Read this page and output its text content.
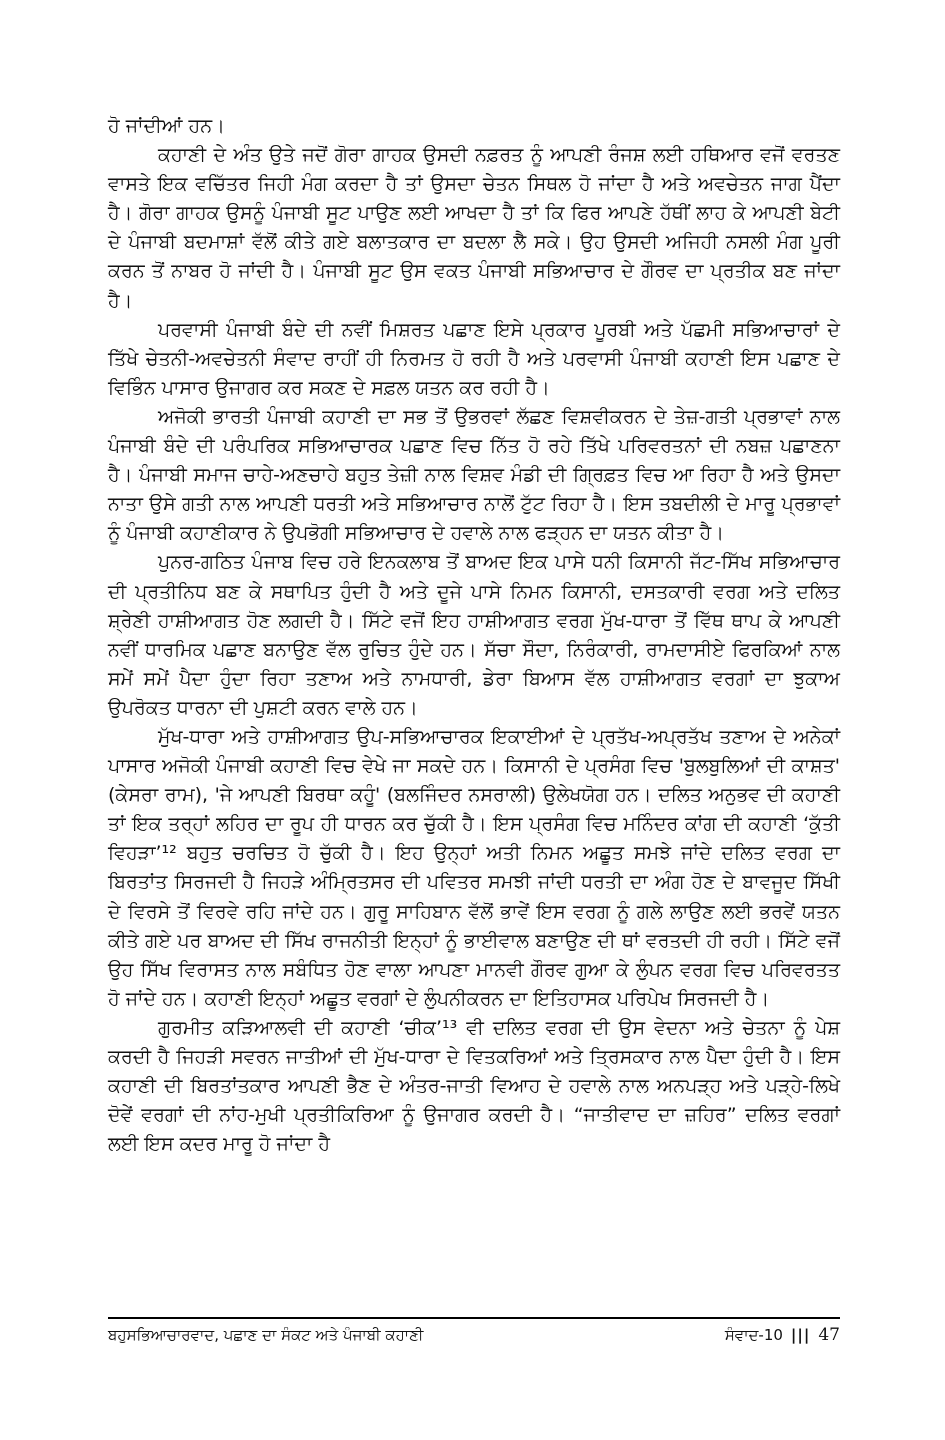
ਹੋ ਜਾਂਦੀਆਂ ਹਨ।

ਕਹਾਣੀ ਦੇ ਅੰਤ ਉਤੇ ਜਦੋਂ ਗੋਰਾ ਗਾਹਕ ਉਸਦੀ ਨਫ਼ਰਤ ਨੂੰ ਆਪਣੀ ਰੰਜਸ਼ ਲਈ ਹਥਿਆਰ ਵਜੋਂ ਵਰਤਣ ਵਾਸਤੇ ਇਕ ਵਚਿੱਤਰ ਜਿਹੀ ਮੰਗ ਕਰਦਾ ਹੈ ਤਾਂ ਉਸਦਾ ਚੇਤਨ ਸਿਥਲ ਹੋ ਜਾਂਦਾ ਹੈ ਅਤੇ ਅਵਚੇਤਨ ਜਾਗ ਪੈਂਦਾ ਹੈ। ਗੋਰਾ ਗਾਹਕ ਉਸਨੂੰ ਪੰਜਾਬੀ ਸੂਟ ਪਾਉਣ ਲਈ ਆਖਦਾ ਹੈ ਤਾਂ ਕਿ ਫਿਰ ਆਪਣੇ ਹੱਥੀਂ ਲਾਹ ਕੇ ਆਪਣੀ ਬੇਟੀ ਦੇ ਪੰਜਾਬੀ ਬਦਮਾਸ਼ਾਂ ਵੱਲੋਂ ਕੀਤੇ ਗਏ ਬਲਾਤਕਾਰ ਦਾ ਬਦਲਾ ਲੈ ਸਕੇ। ਉਹ ਉਸਦੀ ਅਜਿਹੀ ਨਸਲੀ ਮੰਗ ਪੂਰੀ ਕਰਨ ਤੋਂ ਨਾਬਰ ਹੋ ਜਾਂਦੀ ਹੈ। ਪੰਜਾਬੀ ਸੂਟ ਉਸ ਵਕਤ ਪੰਜਾਬੀ ਸਭਿਆਚਾਰ ਦੇ ਗੌਰਵ ਦਾ ਪ੍ਰਤੀਕ ਬਣ ਜਾਂਦਾ ਹੈ।

ਪਰਵਾਸੀ ਪੰਜਾਬੀ ਬੰਦੇ ਦੀ ਨਵੀਂ ਮਿਸ਼ਰਤ ਪਛਾਣ ਇਸੇ ਪ੍ਰਕਾਰ ਪੂਰਬੀ ਅਤੇ ਪੱਛਮੀ ਸਭਿਆਚਾਰਾਂ ਦੇ ਤਿੱਖੇ ਚੇਤਨੀ-ਅਵਚੇਤਨੀ ਸੰਵਾਦ ਰਾਹੀਂ ਹੀ ਨਿਰਮਤ ਹੋ ਰਹੀ ਹੈ ਅਤੇ ਪਰਵਾਸੀ ਪੰਜਾਬੀ ਕਹਾਣੀ ਇਸ ਪਛਾਣ ਦੇ ਵਿਭਿੰਨ ਪਾਸਾਰ ਉਜਾਗਰ ਕਰ ਸਕਣ ਦੇ ਸਫ਼ਲ ਯਤਨ ਕਰ ਰਹੀ ਹੈ।

ਅਜੋਕੀ ਭਾਰਤੀ ਪੰਜਾਬੀ ਕਹਾਣੀ ਦਾ ਸਭ ਤੋਂ ਉਭਰਵਾਂ ਲੱਛਣ ਵਿਸ਼ਵੀਕਰਨ ਦੇ ਤੇਜ਼-ਗਤੀ ਪ੍ਰਭਾਵਾਂ ਨਾਲ ਪੰਜਾਬੀ ਬੰਦੇ ਦੀ ਪਰੰਪਰਿਕ ਸਭਿਆਚਾਰਕ ਪਛਾਣ ਵਿਚ ਨਿੱਤ ਹੋ ਰਹੇ ਤਿੱਖੇ ਪਰਿਵਰਤਨਾਂ ਦੀ ਨਬਜ਼ ਪਛਾਣਨਾ ਹੈ। ਪੰਜਾਬੀ ਸਮਾਜ ਚਾਹੇ-ਅਣਚਾਹੇ ਬਹੁਤ ਤੇਜ਼ੀ ਨਾਲ ਵਿਸ਼ਵ ਮੰਡੀ ਦੀ ਗ੍ਰਿਫ਼ਤ ਵਿਚ ਆ ਰਿਹਾ ਹੈ ਅਤੇ ਉਸਦਾ ਨਾਤਾ ਉਸੇ ਗਤੀ ਨਾਲ ਆਪਣੀ ਧਰਤੀ ਅਤੇ ਸਭਿਆਚਾਰ ਨਾਲੋਂ ਟੁੱਟ ਰਿਹਾ ਹੈ। ਇਸ ਤਬਦੀਲੀ ਦੇ ਮਾਰੂ ਪ੍ਰਭਾਵਾਂ ਨੂੰ ਪੰਜਾਬੀ ਕਹਾਣੀਕਾਰ ਨੇ ਉਪਭੋਗੀ ਸਭਿਆਚਾਰ ਦੇ ਹਵਾਲੇ ਨਾਲ ਫੜ੍ਹਨ ਦਾ ਯਤਨ ਕੀਤਾ ਹੈ।

ਪੁਨਰ-ਗਠਿਤ ਪੰਜਾਬ ਵਿਚ ਹਰੇ ਇਨਕਲਾਬ ਤੋਂ ਬਾਅਦ ਇਕ ਪਾਸੇ ਧਨੀ ਕਿਸਾਨੀ ਜੱਟ-ਸਿੱਖ ਸਭਿਆਚਾਰ ਦੀ ਪ੍ਰਤੀਨਿਧ ਬਣ ਕੇ ਸਥਾਪਿਤ ਹੁੰਦੀ ਹੈ ਅਤੇ ਦੂਜੇ ਪਾਸੇ ਨਿਮਨ ਕਿਸਾਨੀ, ਦਸਤਕਾਰੀ ਵਰਗ ਅਤੇ ਦਲਿਤ ਸ਼੍ਰੇਣੀ ਹਾਸ਼ੀਆਗਤ ਹੋਣ ਲਗਦੀ ਹੈ। ਸਿੱਟੇ ਵਜੋਂ ਇਹ ਹਾਸ਼ੀਆਗਤ ਵਰਗ ਮੁੱਖ-ਧਾਰਾ ਤੋਂ ਵਿੱਥ ਥਾਪ ਕੇ ਆਪਣੀ ਨਵੀਂ ਧਾਰਮਿਕ ਪਛਾਣ ਬਨਾਉਣ ਵੱਲ ਰੁਚਿਤ ਹੁੰਦੇ ਹਨ। ਸੱਚਾ ਸੌਦਾ, ਨਿਰੰਕਾਰੀ, ਰਾਮਦਾਸੀਏ ਫਿਰਕਿਆਂ ਨਾਲ ਸਮੇਂ ਸਮੇਂ ਪੈਦਾ ਹੁੰਦਾ ਰਿਹਾ ਤਣਾਅ ਅਤੇ ਨਾਮਧਾਰੀ, ਡੇਰਾ ਬਿਆਸ ਵੱਲ ਹਾਸ਼ੀਆਗਤ ਵਰਗਾਂ ਦਾ ਝੁਕਾਅ ਉਪਰੋਕਤ ਧਾਰਨਾ ਦੀ ਪੁਸ਼ਟੀ ਕਰਨ ਵਾਲੇ ਹਨ।

ਮੁੱਖ-ਧਾਰਾ ਅਤੇ ਹਾਸ਼ੀਆਗਤ ਉਪ-ਸਭਿਆਚਾਰਕ ਇਕਾਈਆਂ ਦੇ ਪ੍ਰਤੱਖ-ਅਪ੍ਰਤੱਖ ਤਣਾਅ ਦੇ ਅਨੇਕਾਂ ਪਾਸਾਰ ਅਜੋਕੀ ਪੰਜਾਬੀ ਕਹਾਣੀ ਵਿਚ ਵੇਖੇ ਜਾ ਸਕਦੇ ਹਨ। ਕਿਸਾਨੀ ਦੇ ਪ੍ਰਸੰਗ ਵਿਚ 'ਬੁਲਬੁਲਿਆਂ ਦੀ ਕਾਸ਼ਤ' (ਕੇਸਰਾ ਰਾਮ), 'ਜੇ ਆਪਣੀ ਬਿਰਥਾ ਕਹੂੰ' (ਬਲਜਿੰਦਰ ਨਸਰਾਲੀ) ਉਲੇਖਯੋਗ ਹਨ। ਦਲਿਤ ਅਨੁਭਵ ਦੀ ਕਹਾਣੀ ਤਾਂ ਇਕ ਤਰ੍ਹਾਂ ਲਹਿਰ ਦਾ ਰੂਪ ਹੀ ਧਾਰਨ ਕਰ ਚੁੱਕੀ ਹੈ। ਇਸ ਪ੍ਰਸੰਗ ਵਿਚ ਮਨਿੰਦਰ ਕਾਂਗ ਦੀ ਕਹਾਣੀ ‘ਕੁੱਤੀ ਵਿਹੜਾ’¹² ਬਹੁਤ ਚਰਚਿਤ ਹੋ ਚੁੱਕੀ ਹੈ। ਇਹ ਉਨ੍ਹਾਂ ਅਤੀ ਨਿਮਨ ਅਛੂਤ ਸਮਝੇ ਜਾਂਦੇ ਦਲਿਤ ਵਰਗ ਦਾ ਬਿਰਤਾਂਤ ਸਿਰਜਦੀ ਹੈ ਜਿਹੜੇ ਅੰਮ੍ਰਿਤਸਰ ਦੀ ਪਵਿਤਰ ਸਮਝੀ ਜਾਂਦੀ ਧਰਤੀ ਦਾ ਅੰਗ ਹੋਣ ਦੇ ਬਾਵਜੂਦ ਸਿੱਖੀ ਦੇ ਵਿਰਸੇ ਤੋਂ ਵਿਰਵੇ ਰਹਿ ਜਾਂਦੇ ਹਨ। ਗੁਰੂ ਸਾਹਿਬਾਨ ਵੱਲੋਂ ਭਾਵੇਂ ਇਸ ਵਰਗ ਨੂੰ ਗਲੇ ਲਾਉਣ ਲਈ ਭਰਵੇਂ ਯਤਨ ਕੀਤੇ ਗਏ ਪਰ ਬਾਅਦ ਦੀ ਸਿੱਖ ਰਾਜਨੀਤੀ ਇਨ੍ਹਾਂ ਨੂੰ ਭਾਈਵਾਲ ਬਣਾਉਣ ਦੀ ਥਾਂ ਵਰਤਦੀ ਹੀ ਰਹੀ। ਸਿੱਟੇ ਵਜੋਂ ਉਹ ਸਿੱਖ ਵਿਰਾਸਤ ਨਾਲ ਸਬੰਧਿਤ ਹੋਣ ਵਾਲਾ ਆਪਣਾ ਮਾਨਵੀ ਗੌਰਵ ਗੁਆ ਕੇ ਲੁੰਪਨ ਵਰਗ ਵਿਚ ਪਰਿਵਰਤਤ ਹੋ ਜਾਂਦੇ ਹਨ। ਕਹਾਣੀ ਇਨ੍ਹਾਂ ਅਛੂਤ ਵਰਗਾਂ ਦੇ ਲੁੰਪਨੀਕਰਨ ਦਾ ਇਤਿਹਾਸਕ ਪਰਿਪੇਖ ਸਿਰਜਦੀ ਹੈ।

ਗੁਰਮੀਤ ਕੜਿਆਲਵੀ ਦੀ ਕਹਾਣੀ ‘ਚੀਕ’¹³ ਵੀ ਦਲਿਤ ਵਰਗ ਦੀ ਉਸ ਵੇਦਨਾ ਅਤੇ ਚੇਤਨਾ ਨੂੰ ਪੇਸ਼ ਕਰਦੀ ਹੈ ਜਿਹੜੀ ਸਵਰਨ ਜਾਤੀਆਂ ਦੀ ਮੁੱਖ-ਧਾਰਾ ਦੇ ਵਿਤਕਰਿਆਂ ਅਤੇ ਤ੍ਰਿਸਕਾਰ ਨਾਲ ਪੈਦਾ ਹੁੰਦੀ ਹੈ। ਇਸ ਕਹਾਣੀ ਦੀ ਬਿਰਤਾਂਤਕਾਰ ਆਪਣੀ ਭੈਣ ਦੇ ਅੰਤਰ-ਜਾਤੀ ਵਿਆਹ ਦੇ ਹਵਾਲੇ ਨਾਲ ਅਨਪੜ੍ਹ ਅਤੇ ਪੜ੍ਹੇ-ਲਿਖੇ ਦੋਵੇਂ ਵਰਗਾਂ ਦੀ ਨਾਂਹ-ਮੁਖੀ ਪ੍ਰਤੀਕਿਰਿਆ ਨੂੰ ਉਜਾਗਰ ਕਰਦੀ ਹੈ। “ਜਾਤੀਵਾਦ ਦਾ ਜ਼ਹਿਰ” ਦਲਿਤ ਵਰਗਾਂ ਲਈ ਇਸ ਕਦਰ ਮਾਰੂ ਹੋ ਜਾਂਦਾ ਹੈ

ਬਹੁਸਭਿਆਚਾਰਵਾਦ, ਪਛਾਣ ਦਾ ਸੰਕਟ ਅਤੇ ਪੰਜਾਬੀ ਕਹਾਣੀ	ਸੰਵਾਦ-10 ||| 47
